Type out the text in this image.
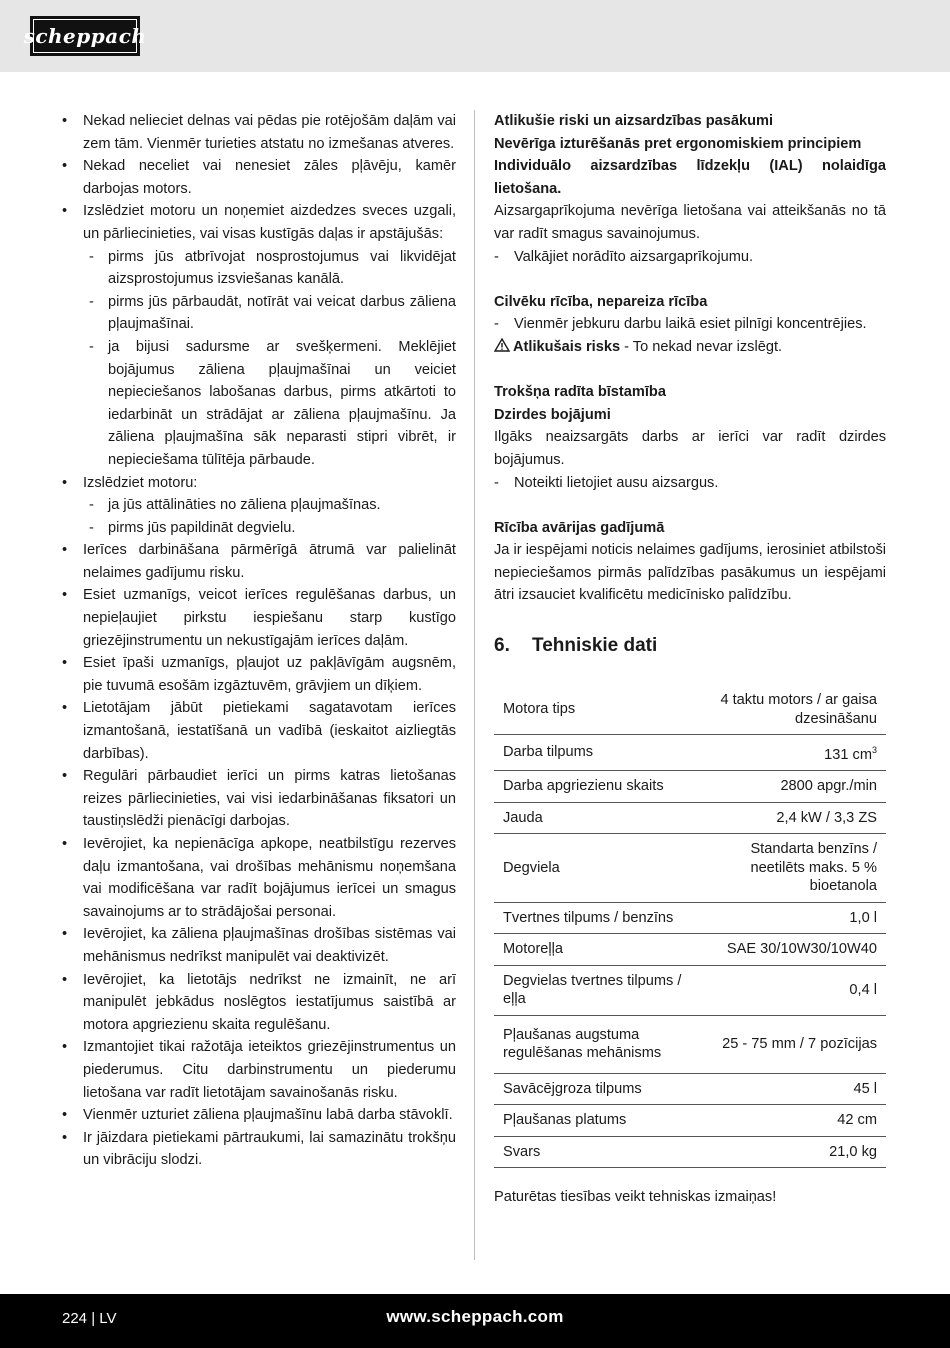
scheppach
• Nekad nelieciet delnas vai pēdas pie rotējošām daļām vai zem tām. Vienmēr turieties atstatu no izmešanas atveres.
• Nekad neceliet vai nenesiet zāles pļāvēju, kamēr darbojas motors.
• Izslēdziet motoru un noņemiet aizdedzes sveces uzgali, un pārliecinieties, vai visas kustīgās daļas ir apstājušās:
- pirms jūs atbrīvojat nosprostojumus vai likvidējat aizsprostojumus izsviešanas kanālā.
- pirms jūs pārbaudāt, notīrāt vai veicat darbus zāliena pļaujmašīnai.
- ja bijusi sadursme ar svešķermeni. Meklējiet bojājumus zāliena pļaujmašīnai un veiciet nepieciešanos labošanas darbus, pirms atkārtoti to iedarbināt un strādājat ar zāliena pļaujmašīnu. Ja zāliena pļaujmašīna sāk neparasti stipri vibrēt, ir nepieciešama tūlītēja pārbaude.
• Izslēdziet motoru:
- ja jūs attālināties no zāliena pļaujmašīnas.
- pirms jūs papildināt degvielu.
• Ierīces darbināšana pārmērīgā ātrumā var palielināt nelaimes gadījumu risku.
• Esiet uzmanīgs, veicot ierīces regulēšanas darbus, un nepieļaujiet pirkstu iespiešanu starp kustīgo griezējinstrumentu un nekustīgajām ierīces daļām.
• Esiet īpaši uzmanīgs, pļaujot uz pakļāvīgām augsnēm, pie tuvumā esošām izgāztuvēm, grāvjiem un dīķiem.
• Lietotājam jābūt pietiekami sagatavotam ierīces izmantošanā, iestatīšanā un vadībā (ieskaitot aizliegtās darbības).
• Regulāri pārbaudiet ierīci un pirms katras lietošanas reizes pārliecinieties, vai visi iedarbināšanas fiksatori un taustiņslēdži pienācīgi darbojas.
• Ievērojiet, ka nepienācīga apkope, neatbilstīgu rezerves daļu izmantošana, vai drošības mehānismu noņemšana vai modificēšana var radīt bojājumus ierīcei un smagus savainojums ar to strādājošai personai.
• Ievērojiet, ka zāliena pļaujmašīnas drošības sistēmas vai mehānismus nedrīkst manipulēt vai deaktivizēt.
• Ievērojiet, ka lietotājs nedrīkst ne izmainīt, ne arī manipulēt jebkādus noslēgtos iestatījumus saistībā ar motora apgriezienu skaita regulēšanu.
• Izmantojiet tikai ražotāja ieteiktos griezējinstrumentus un piederumus. Citu darbinstrumentu un piederumu lietošana var radīt lietotājam savainošanās risku.
• Vienmēr uzturiet zāliena pļaujmašīnu labā darba stāvoklī.
• Ir jāizdara pietiekami pārtraukumi, lai samazinātu trokšņu un vibrāciju slodzi.

Atlikušie riski un aizsardzības pasākumi

Nevērīga izturēšanās pret ergonomiskiem principiem

Individuālo aizsardzības līdzekļu (IAL) nolaidīga lietošana.

Aizsargaprīkojuma nevērīga lietošana vai atteikšanās no tā var radīt smagus savainojumus.

- Valkājiet norādīto aizsargaprīkojumu.

Cilvēku rīcība, nepareiza rīcība

- Vienmēr jebkuru darbu laikā esiet pilnīgi koncentrējies.

Atlikušais risks - To nekad nevar izslēgt.

Trokšņa radīta bīstamība

Dzirdes bojājumi

Ilgāks neaizsargāts darbs ar ierīci var radīt dzirdes bojājumus.

- Noteikti lietojiet ausu aizsargus.

Rīcība avārijas gadījumā

Ja ir iespējami noticis nelaimes gadījums, ierosiniet atbilstoši nepieciešamos pirmās palīdzības pasākumus un iespējami ātri izsauciet kvalificētu medicīnisko palīdzību.

6. Tehniskie dati
Motora tips	4 taktu motors / ar gaisa dzesināšanu
Darba tilpums	131 $cm^3$
Darba apgriezienu skaits	2800 apgr./min
Jauda	2,4 kW / 3,3 ZS
Degviela	Standarta benzīns / neetilēts maks. 5 % bioetanola
Tvertnes tilpums / benzīns	1,0 l
Motoreļļa	SAE 30/10W30/10W40
Degvielas tvertnes tilpums / eļļa	0,4 l
Pļaušanas augstuma regulēšanas mehānisms	25 - 75 mm / 7 pozīcijas
Savācējgroza tilpums	45 l
Pļaušanas platums	42 cm
Svars	21,0 kg

Paturētas tiesības veikt tehniskas izmaiņas!

224 | LV	www.scheppach.com
